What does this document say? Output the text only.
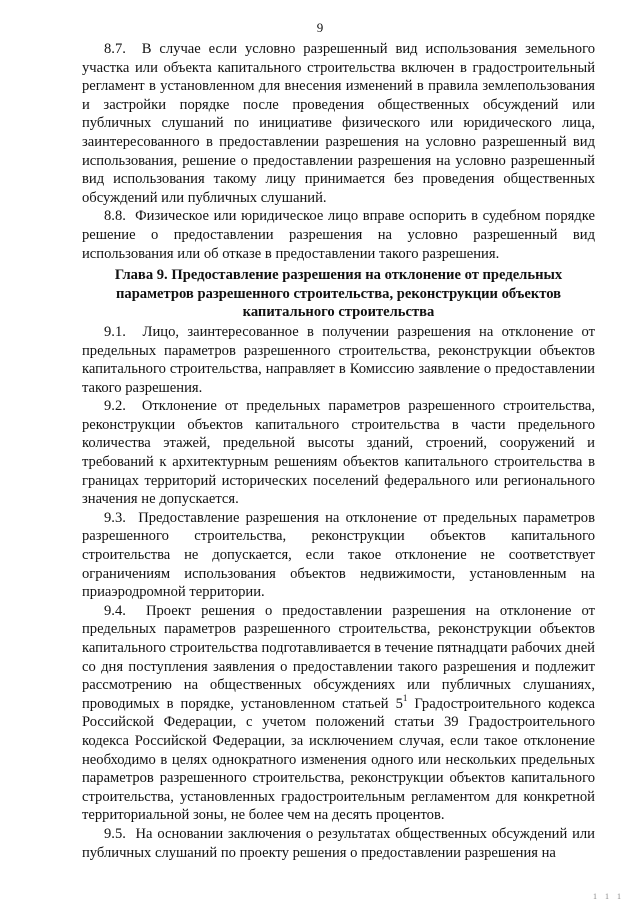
9

8.7.  В случае если условно разрешенный вид использования земельного участка или объекта капитального строительства включен в градостроительный регламент в установленном для внесения изменений в правила землепользования и застройки порядке после проведения общественных обсуждений или публичных слушаний по инициативе физического или юридического лица, заинтересованного в предоставлении разрешения на условно разрешенный вид использования, решение о предоставлении разрешения на условно разрешенный вид использования такому лицу принимается без проведения общественных обсуждений или публичных слушаний.

8.8.  Физическое или юридическое лицо вправе оспорить в судебном порядке решение о предоставлении разрешения на условно разрешенный вид использования или об отказе в предоставлении такого разрешения.

Глава 9. Предоставление разрешения на отклонение от предельных параметров разрешенного строительства, реконструкции объектов капитального строительства

9.1.  Лицо, заинтересованное в получении разрешения на отклонение от предельных параметров разрешенного строительства, реконструкции объектов капитального строительства, направляет в Комиссию заявление о предоставлении такого разрешения.

9.2.  Отклонение от предельных параметров разрешенного строительства, реконструкции объектов капитального строительства в части предельного количества этажей, предельной высоты зданий, строений, сооружений и требований к архитектурным решениям объектов капитального строительства в границах территорий исторических поселений федерального или регионального значения не допускается.

9.3.  Предоставление разрешения на отклонение от предельных параметров разрешенного строительства, реконструкции объектов капитального строительства не допускается, если такое отклонение не соответствует ограничениям использования объектов недвижимости, установленным на приаэродромной территории.

9.4.  Проект решения о предоставлении разрешения на отклонение от предельных параметров разрешенного строительства, реконструкции объектов капитального строительства подготавливается в течение пятнадцати рабочих дней со дня поступления заявления о предоставлении такого разрешения и подлежит рассмотрению на общественных обсуждениях или публичных слушаниях, проводимых в порядке, установленном статьей $5^1$ Градостроительного кодекса Российской Федерации, с учетом положений статьи 39 Градостроительного кодекса Российской Федерации, за исключением случая, если такое отклонение необходимо в целях однократного изменения одного или нескольких предельных параметров разрешенного строительства, реконструкции объектов капитального строительства, установленных градостроительным регламентом для конкретной территориальной зоны, не более чем на десять процентов.

9.5.  На основании заключения о результатах общественных обсуждений или публичных слушаний по проекту решения о предоставлении разрешения на

1 1 1
